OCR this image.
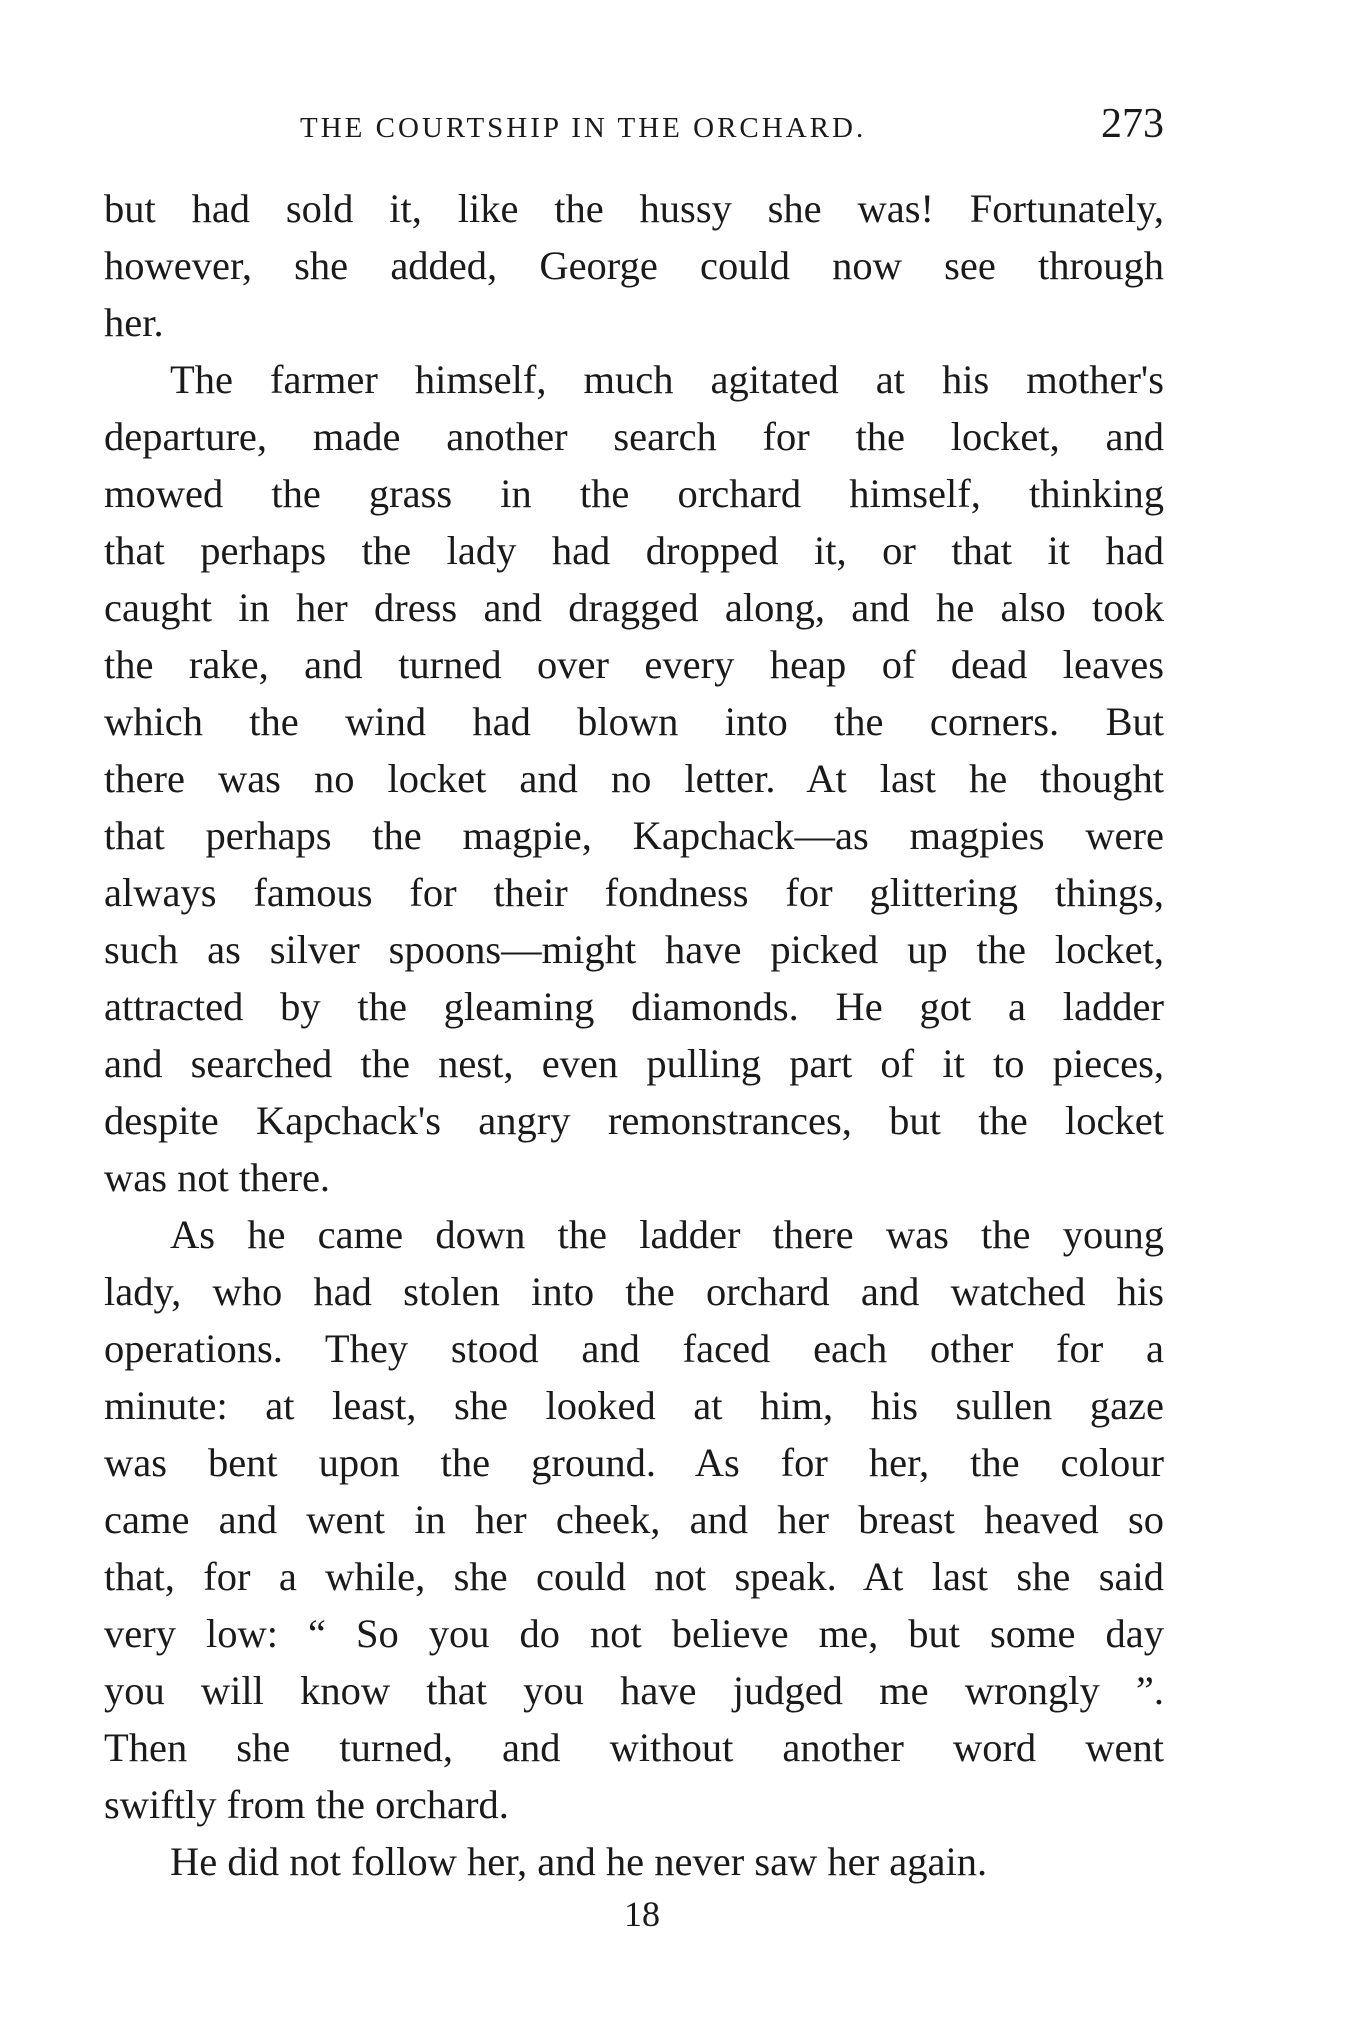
THE COURTSHIP IN THE ORCHARD.	273
but had sold it, like the hussy she was! Fortunately,
however, she added, George could now see through
her.
The farmer himself, much agitated at his mother's
departure, made another search for the locket, and
mowed the grass in the orchard himself, thinking
that perhaps the lady had dropped it, or that it had
caught in her dress and dragged along, and he also took
the rake, and turned over every heap of dead leaves
which the wind had blown into the corners. But
there was no locket and no letter. At last he thought
that perhaps the magpie, Kapchack—as magpies were
always famous for their fondness for glittering things,
such as silver spoons—might have picked up the locket,
attracted by the gleaming diamonds. He got a ladder
and searched the nest, even pulling part of it to pieces,
despite Kapchack's angry remonstrances, but the locket
was not there.
As he came down the ladder there was the young
lady, who had stolen into the orchard and watched his
operations. They stood and faced each other for a
minute: at least, she looked at him, his sullen gaze
was bent upon the ground. As for her, the colour
came and went in her cheek, and her breast heaved so
that, for a while, she could not speak. At last she said
very low: “ So you do not believe me, but some day
you will know that you have judged me wrongly ”.
Then she turned, and without another word went
swiftly from the orchard.
He did not follow her, and he never saw her again.
18
